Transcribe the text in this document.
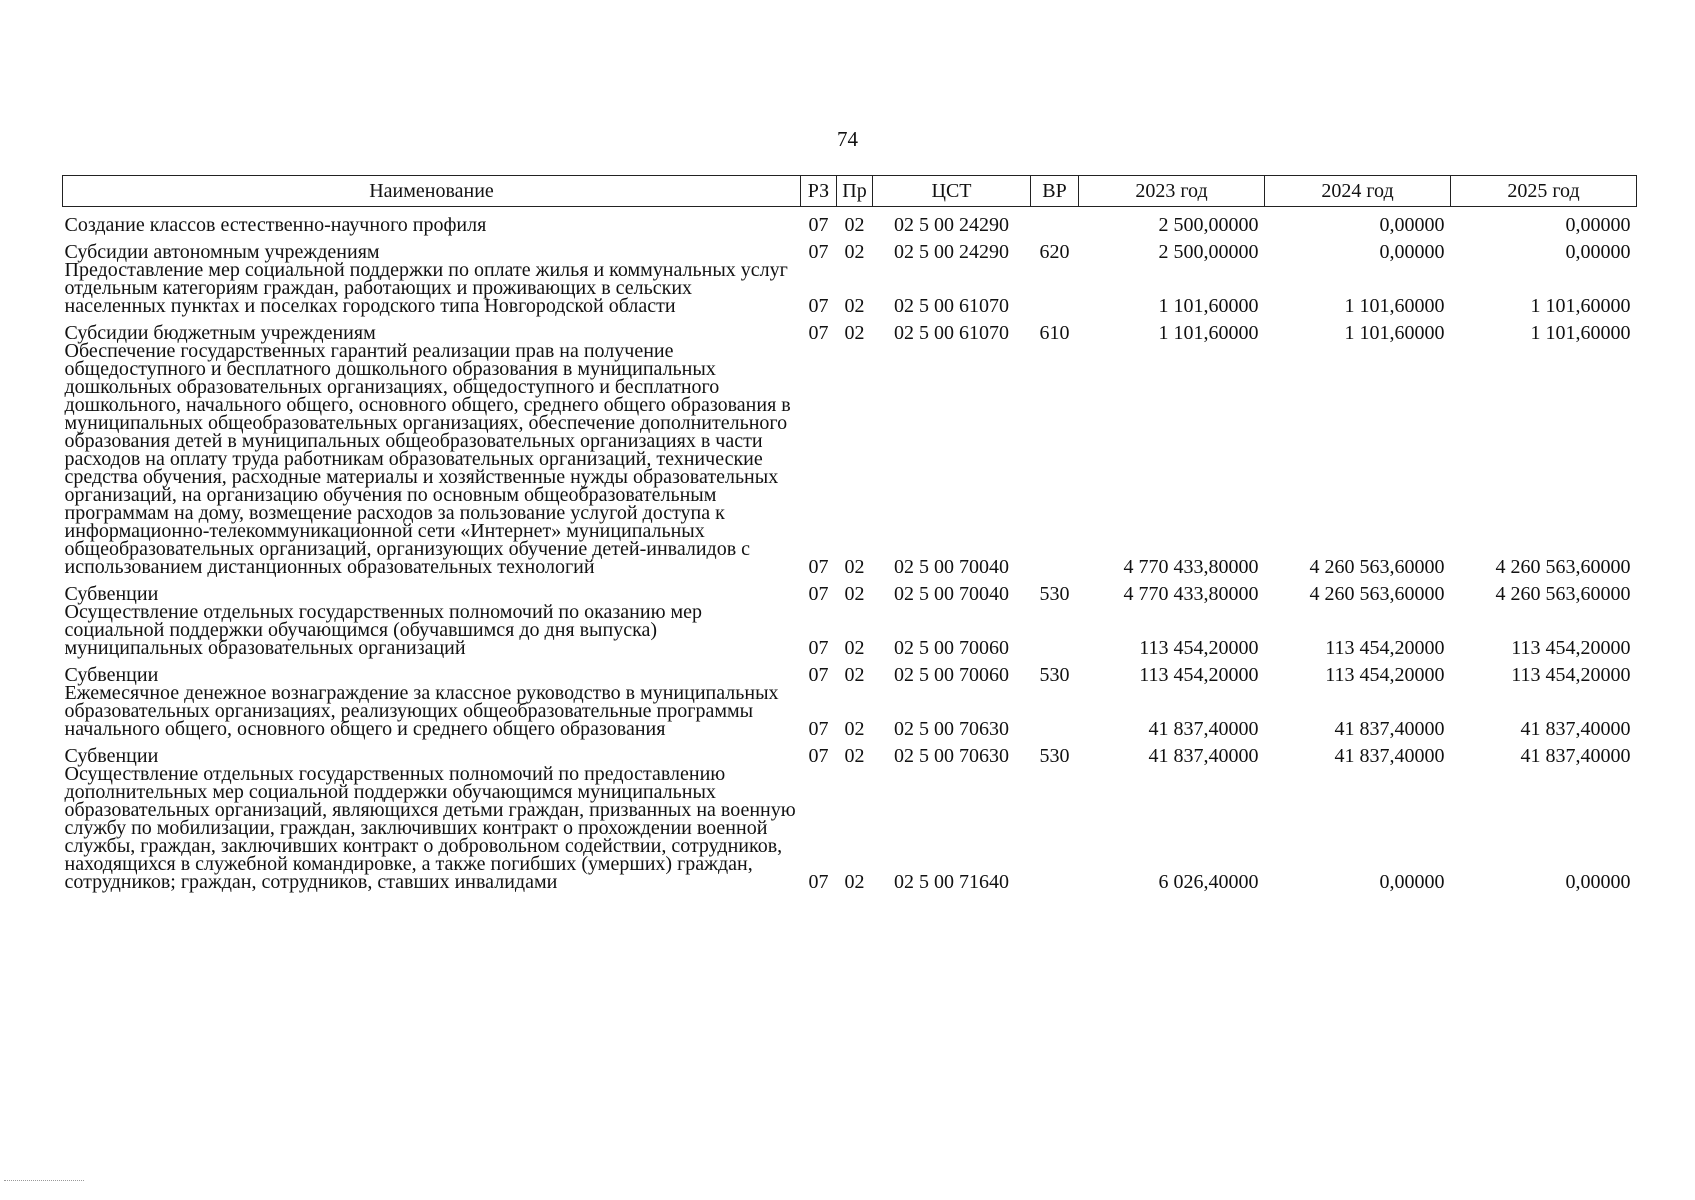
74
Наименование	РЗ	Пр	ЦСТ	ВР	2023 год	2024 год	2025 год
Создание классов естественно-научного профиля	07	02	02 5 00 24290		2 500,00000	0,00000	0,00000
Субсидии автономным учреждениям	07	02	02 5 00 24290	620	2 500,00000	0,00000	0,00000
Предоставление мер социальной поддержки по оплате жилья и коммунальных услуг отдельным категориям граждан, работающих и проживающих в сельских населенных пунктах и поселках городского типа Новгородской области	07	02	02 5 00 61070		1 101,60000	1 101,60000	1 101,60000
Субсидии бюджетным учреждениям	07	02	02 5 00 61070	610	1 101,60000	1 101,60000	1 101,60000
Обеспечение государственных гарантий реализации прав на получение общедоступного и бесплатного дошкольного образования в муниципальных дошкольных образовательных организациях, общедоступного и бесплатного дошкольного, начального общего, основного общего, среднего общего образования в муниципальных общеобразовательных организациях, обеспечение дополнительного образования детей в муниципальных общеобразовательных организациях в части расходов на оплату труда работникам образовательных организаций, технические средства обучения, расходные материалы и хозяйственные нужды образовательных организаций, на организацию обучения по основным общеобразовательным программам на дому, возмещение расходов за пользование услугой доступа к информационно-телекоммуникационной сети «Интернет» муниципальных общеобразовательных организаций, организующих обучение детей-инвалидов с использованием дистанционных образовательных технологий	07	02	02 5 00 70040		4 770 433,80000	4 260 563,60000	4 260 563,60000
Субвенции	07	02	02 5 00 70040	530	4 770 433,80000	4 260 563,60000	4 260 563,60000
Осуществление отдельных государственных полномочий по оказанию мер социальной поддержки обучающимся (обучавшимся до дня выпуска) муниципальных образовательных организаций	07	02	02 5 00 70060		113 454,20000	113 454,20000	113 454,20000
Субвенции	07	02	02 5 00 70060	530	113 454,20000	113 454,20000	113 454,20000
Ежемесячное денежное вознаграждение за классное руководство в муниципальных образовательных организациях, реализующих общеобразовательные программы начального общего, основного общего и среднего общего образования	07	02	02 5 00 70630		41 837,40000	41 837,40000	41 837,40000
Субвенции	07	02	02 5 00 70630	530	41 837,40000	41 837,40000	41 837,40000
Осуществление отдельных государственных полномочий по предоставлению дополнительных мер социальной поддержки обучающимся муниципальных образовательных организаций, являющихся детьми граждан, призванных на военную службу по мобилизации, граждан, заключивших контракт о прохождении военной службы, граждан, заключивших контракт о добровольном содействии, сотрудников, находящихся в служебной командировке, а также погибших (умерших) граждан, сотрудников; граждан, сотрудников, ставших инвалидами	07	02	02 5 00 71640		6 026,40000	0,00000	0,00000
